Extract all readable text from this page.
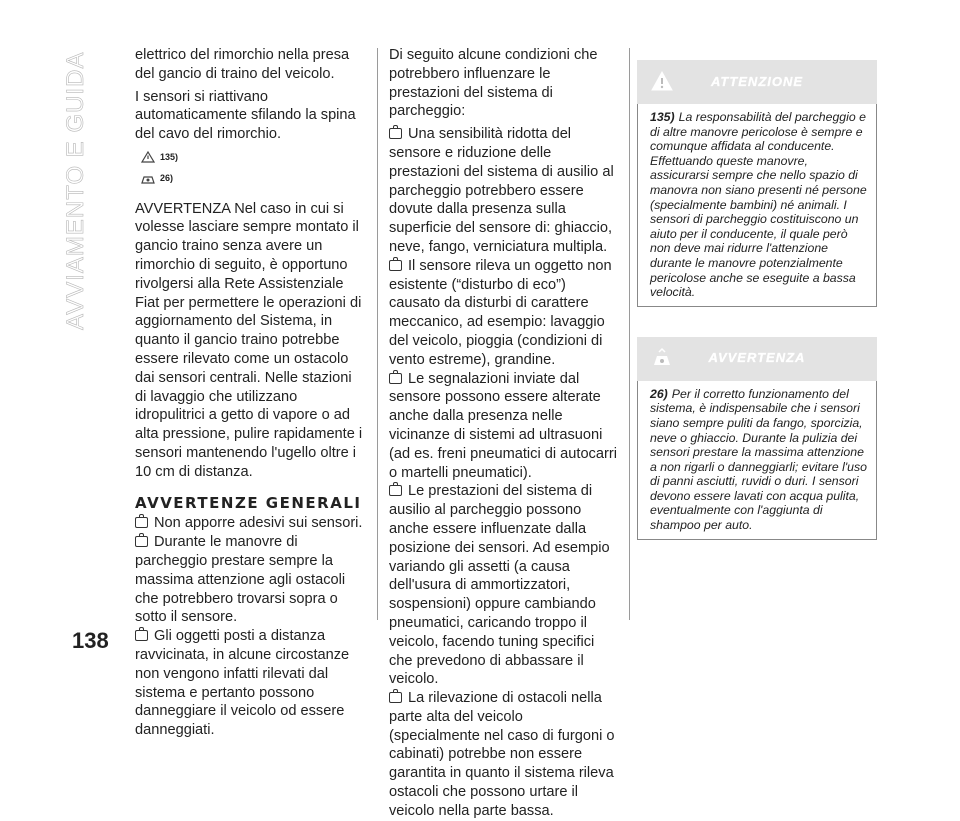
AVVIAMENTO E GUIDA
138

elettrico del rimorchio nella presa del gancio di traino del veicolo.

I sensori si riattivano automaticamente sfilando la spina del cavo del rimorchio.

135)
26)

AVVERTENZA Nel caso in cui si volesse lasciare sempre montato il gancio traino senza avere un rimorchio di seguito, è opportuno rivolgersi alla Rete Assistenziale Fiat per permettere le operazioni di aggiornamento del Sistema, in quanto il gancio traino potrebbe essere rilevato come un ostacolo dai sensori centrali. Nelle stazioni di lavaggio che utilizzano idropulitrici a getto di vapore o ad alta pressione, pulire rapidamente i sensori mantenendo l'ugello oltre i 10 cm di distanza.

AVVERTENZE GENERALI

Non apporre adesivi sui sensori.

Durante le manovre di parcheggio prestare sempre la massima attenzione agli ostacoli che potrebbero trovarsi sopra o sotto il sensore.

Gli oggetti posti a distanza ravvicinata, in alcune circostanze non vengono infatti rilevati dal sistema e pertanto possono danneggiare il veicolo od essere danneggiati.

Di seguito alcune condizioni che potrebbero influenzare le prestazioni del sistema di parcheggio:

Una sensibilità ridotta del sensore e riduzione delle prestazioni del sistema di ausilio al parcheggio potrebbero essere dovute dalla presenza sulla superficie del sensore di: ghiaccio, neve, fango, verniciatura multipla.

Il sensore rileva un oggetto non esistente (“disturbo di eco”) causato da disturbi di carattere meccanico, ad esempio: lavaggio del veicolo, pioggia (condizioni di vento estreme), grandine.

Le segnalazioni inviate dal sensore possono essere alterate anche dalla presenza nelle vicinanze di sistemi ad ultrasuoni (ad es. freni pneumatici di autocarri o martelli pneumatici).

Le prestazioni del sistema di ausilio al parcheggio possono anche essere influenzate dalla posizione dei sensori. Ad esempio variando gli assetti (a causa dell'usura di ammortizzatori, sospensioni) oppure cambiando pneumatici, caricando troppo il veicolo, facendo tuning specifici che prevedono di abbassare il veicolo.

La rilevazione di ostacoli nella parte alta del veicolo (specialmente nel caso di furgoni o cabinati) potrebbe non essere garantita in quanto il sistema rileva ostacoli che possono urtare il veicolo nella parte bassa.

ATTENZIONE
135) La responsabilità del parcheggio e di altre manovre pericolose è sempre e comunque affidata al conducente. Effettuando queste manovre, assicurarsi sempre che nello spazio di manovra non siano presenti né persone (specialmente bambini) né animali. I sensori di parcheggio costituiscono un aiuto per il conducente, il quale però non deve mai ridurre l'attenzione durante le manovre potenzialmente pericolose anche se eseguite a bassa velocità.
AVVERTENZA
26) Per il corretto funzionamento del sistema, è indispensabile che i sensori siano sempre puliti da fango, sporcizia, neve o ghiaccio. Durante la pulizia dei sensori prestare la massima attenzione a non rigarli o danneggiarli; evitare l'uso di panni asciutti, ruvidi o duri. I sensori devono essere lavati con acqua pulita, eventualmente con l'aggiunta di shampoo per auto.
